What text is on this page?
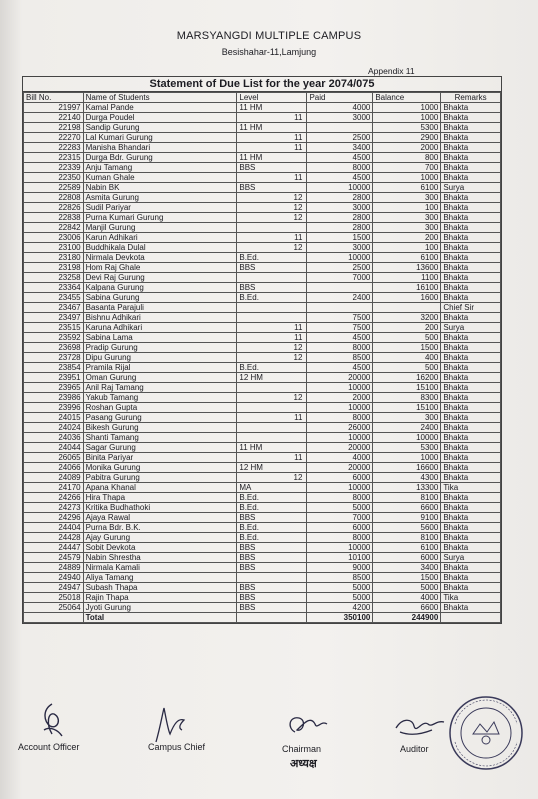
MARSYANGDI MULTIPLE CAMPUS
Besishahar-11,Lamjung
Appendix 11
Statement of Due List for the year 2074/075
Bill No.	Name of Students	Level	Paid	Balance	Remarks
21997	Kamal Pande	11 HM	4000	1000	Bhakta
22140	Durga Poudel	11	3000	1000	Bhakta
22198	Sandip Gurung	11 HM		5300	Bhakta
22270	Lal Kumari Gurung	11	2500	2900	Bhakta
22283	Manisha Bhandari	11	3400	2000	Bhakta
22315	Durga Bdr. Gurung	11 HM	4500	800	Bhakta
22339	Anju Tamang	BBS	8000	700	Bhakta
22350	Kuman Ghale	11	4500	1000	Bhakta
22589	Nabin BK	BBS	10000	6100	Surya
22808	Asmita Gurung	12	2800	300	Bhakta
22826	Sudil Pariyar	12	3000	100	Bhakta
22838	Purna Kumari Gurung	12	2800	300	Bhakta
22842	Manjil Gurung		2800	300	Bhakta
23006	Karun Adhikari	11	1500	200	Bhakta
23100	Buddhikala Dulal	12	3000	100	Bhakta
23180	Nirmala Devkota	B.Ed.	10000	6100	Bhakta
23198	Hom Raj Ghale	BBS	2500	13600	Bhakta
23258	Devi Raj Gurung		7000	1100	Bhakta
23364	Kalpana Gurung	BBS		16100	Bhakta
23455	Sabina Gurung	B.Ed.	2400	1600	Bhakta
23467	Basanta Parajuli				Chief Sir
23497	Bishnu Adhikari		7500	3200	Bhakta
23515	Karuna Adhikari	11	7500	200	Surya
23592	Sabina Lama	11	4500	500	Bhakta
23698	Pradip Gurung	12	8000	1500	Bhakta
23728	Dipu Gurung	12	8500	400	Bhakta
23854	Pramila Rijal	B.Ed.	4500	500	Bhakta
23951	Oman Gurung	12 HM	20000	16200	Bhakta
23965	Anil Raj Tamang		10000	15100	Bhakta
23986	Yakub Tamang	12	2000	8300	Bhakta
23996	Roshan Gupta		10000	15100	Bhakta
24015	Pasang Gurung	11	8000	300	Bhakta
24024	Bikesh Gurung		26000	2400	Bhakta
24036	Shanti Tamang		10000	10000	Bhakta
24044	Sagar Gurung	11 HM	20000	5300	Bhakta
26065	Binita Pariyar	11	4000	1000	Bhakta
24066	Monika Gurung	12 HM	20000	16600	Bhakta
24089	Pabitra Gurung	12	6000	4300	Bhakta
24170	Apana Khanal	MA	10000	13300	Tika
24266	Hira Thapa	B.Ed.	8000	8100	Bhakta
24273	Kritika Budhathoki	B.Ed.	5000	6600	Bhakta
24296	Ajaya Rawal	BBS	7000	9100	Bhakta
24404	Purna Bdr. B.K.	B.Ed.	6000	5600	Bhakta
24428	Ajay Gurung	B.Ed.	8000	8100	Bhakta
24447	Sobit Devkota	BBS	10000	6100	Bhakta
24579	Nabin Shrestha	BBS	10100	6000	Surya
24889	Nirmala Kamali	BBS	9000	3400	Bhakta
24940	Aliya Tamang		8500	1500	Bhakta
24947	Subash Thapa	BBS	5000	5000	Bhakta
25018	Rajin Thapa	BBS	5000	4000	Tika
25064	Jyoti Gurung	BBS	4200	6600	Bhakta
	Total		350100	244900	
Account Officer	Campus Chief	Chairman
अध्यक्ष
Auditor
